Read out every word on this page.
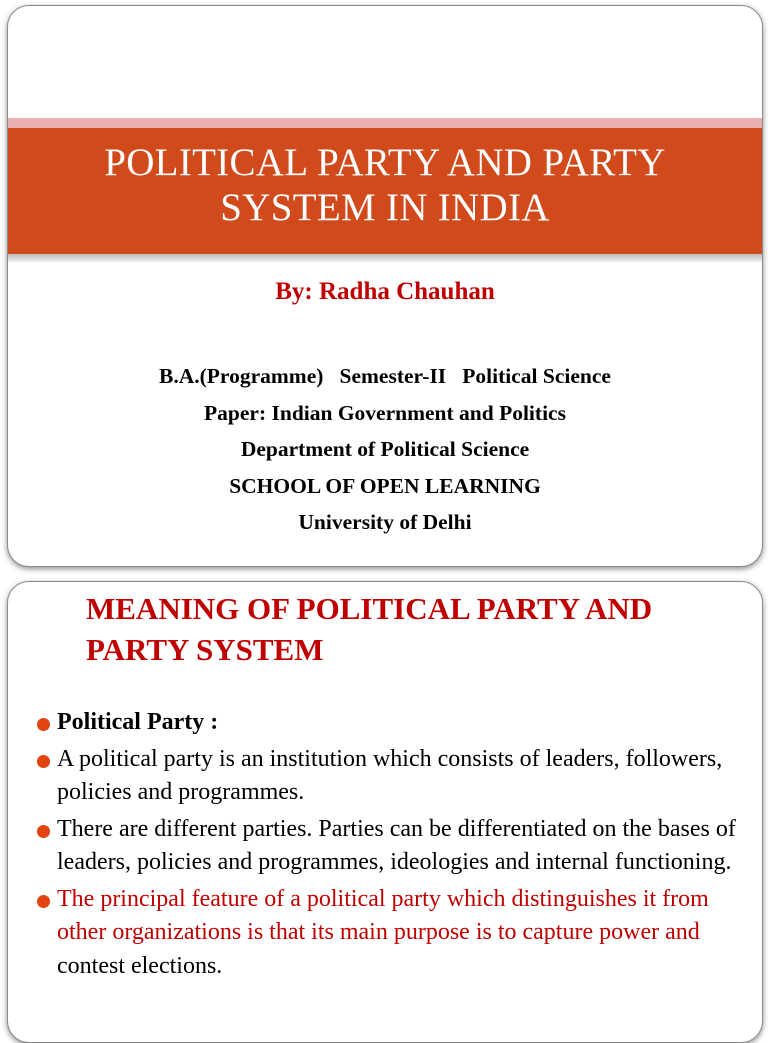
POLITICAL PARTY AND PARTY
SYSTEM IN INDIA
By: Radha Chauhan
B.A.(Programme)   Semester-II   Political Science
Paper: Indian Government and Politics
Department of Political Science
SCHOOL OF OPEN LEARNING
University of Delhi
MEANING OF POLITICAL PARTY AND
PARTY SYSTEM
Political Party :
A political party is an institution which consists of leaders, followers, policies and programmes.
There are different parties. Parties can be differentiated on the bases of leaders, policies and programmes, ideologies and internal functioning.
The principal feature of a political party which distinguishes it from other organizations is that its main purpose is to capture power and contest elections.
